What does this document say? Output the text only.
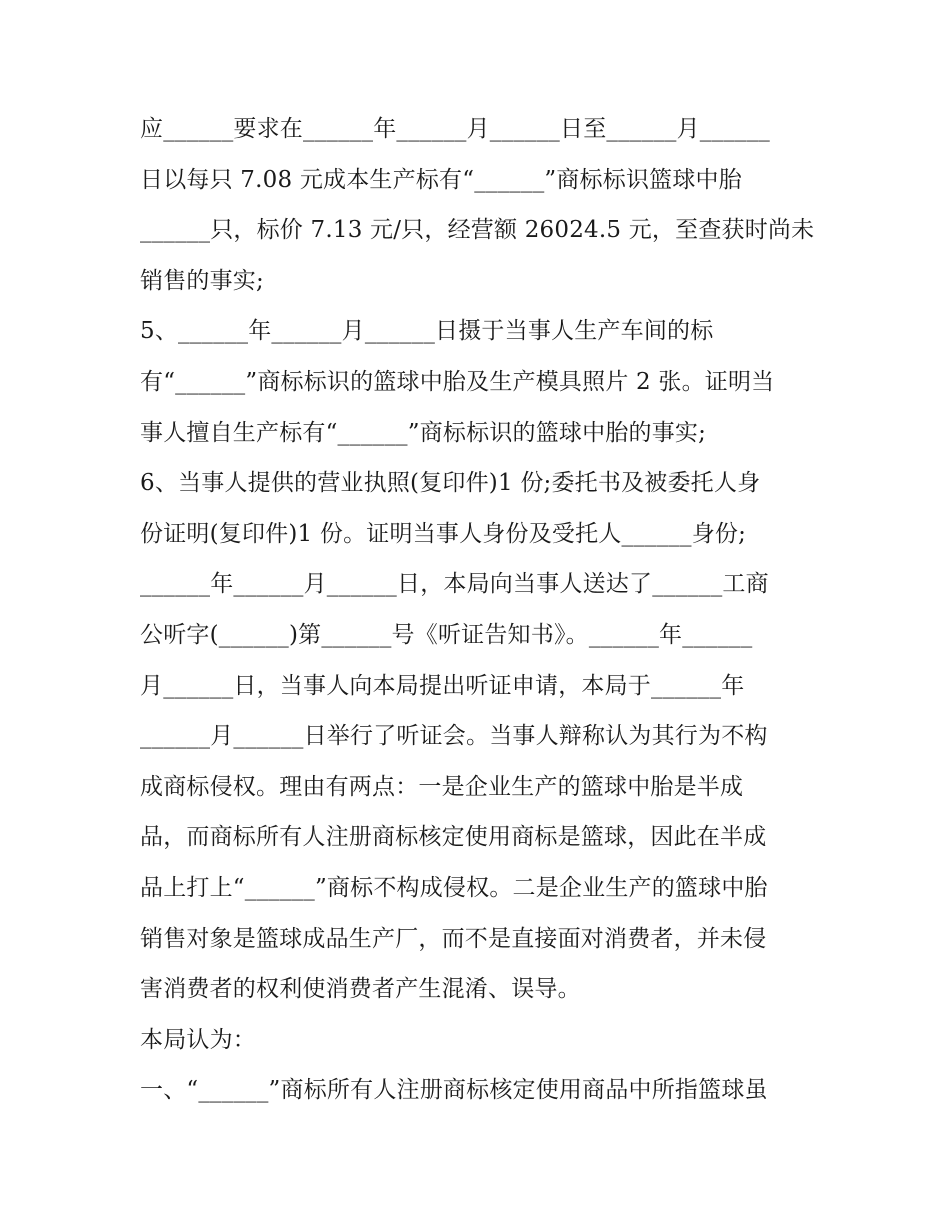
应______要求在______年______月______日至______月______
日以每只 7.08 元成本生产标有“______”商标标识篮球中胎
______只，标价 7.13 元/只，经营额 26024.5 元，至查获时尚未
销售的事实;
5、______年______月______日摄于当事人生产车间的标
有“______”商标标识的篮球中胎及生产模具照片 2 张。证明当
事人擅自生产标有“______”商标标识的篮球中胎的事实;
6、当事人提供的营业执照(复印件)1 份;委托书及被委托人身
份证明(复印件)1 份。证明当事人身份及受托人______身份;
______年______月______日，本局向当事人送达了______工商
公听字(______)第______号《听证告知书》。______年______
月______日，当事人向本局提出听证申请，本局于______年
______月______日举行了听证会。当事人辩称认为其行为不构
成商标侵权。理由有两点：一是企业生产的篮球中胎是半成
品，而商标所有人注册商标核定使用商标是篮球，因此在半成
品上打上“______”商标不构成侵权。二是企业生产的篮球中胎
销售对象是篮球成品生产厂，而不是直接面对消费者，并未侵
害消费者的权利使消费者产生混淆、误导。
本局认为：
一、“______”商标所有人注册商标核定使用商品中所指篮球虽
